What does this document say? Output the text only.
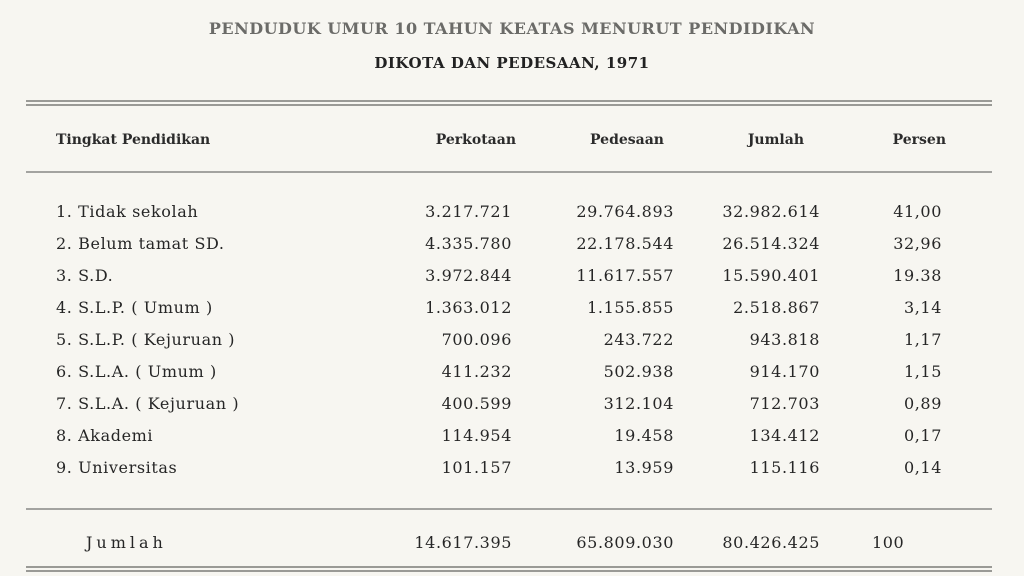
PENDUDUK UMUR 10 TAHUN KEATAS MENURUT PENDIDIKAN
DIKOTA DAN PEDESAAN, 1971
Tingkat Pendidikan	Perkotaan	Pedesaan	Jumlah	Persen
1. Tidak sekolah	3.217.721	29.764.893	32.982.614	41,00
2. Belum tamat SD.	4.335.780	22.178.544	26.514.324	32,96
3. S.D.	3.972.844	11.617.557	15.590.401	19.38
4. S.L.P. ( Umum )	1.363.012	1.155.855	2.518.867	3,14
5. S.L.P. ( Kejuruan )	700.096	243.722	943.818	1,17
6. S.L.A. ( Umum )	411.232	502.938	914.170	1,15
7. S.L.A. ( Kejuruan )	400.599	312.104	712.703	0,89
8. Akademi	114.954	19.458	134.412	0,17
9. Universitas	101.157	13.959	115.116	0,14
Jumlah	14.617.395	65.809.030	80.426.425	100
